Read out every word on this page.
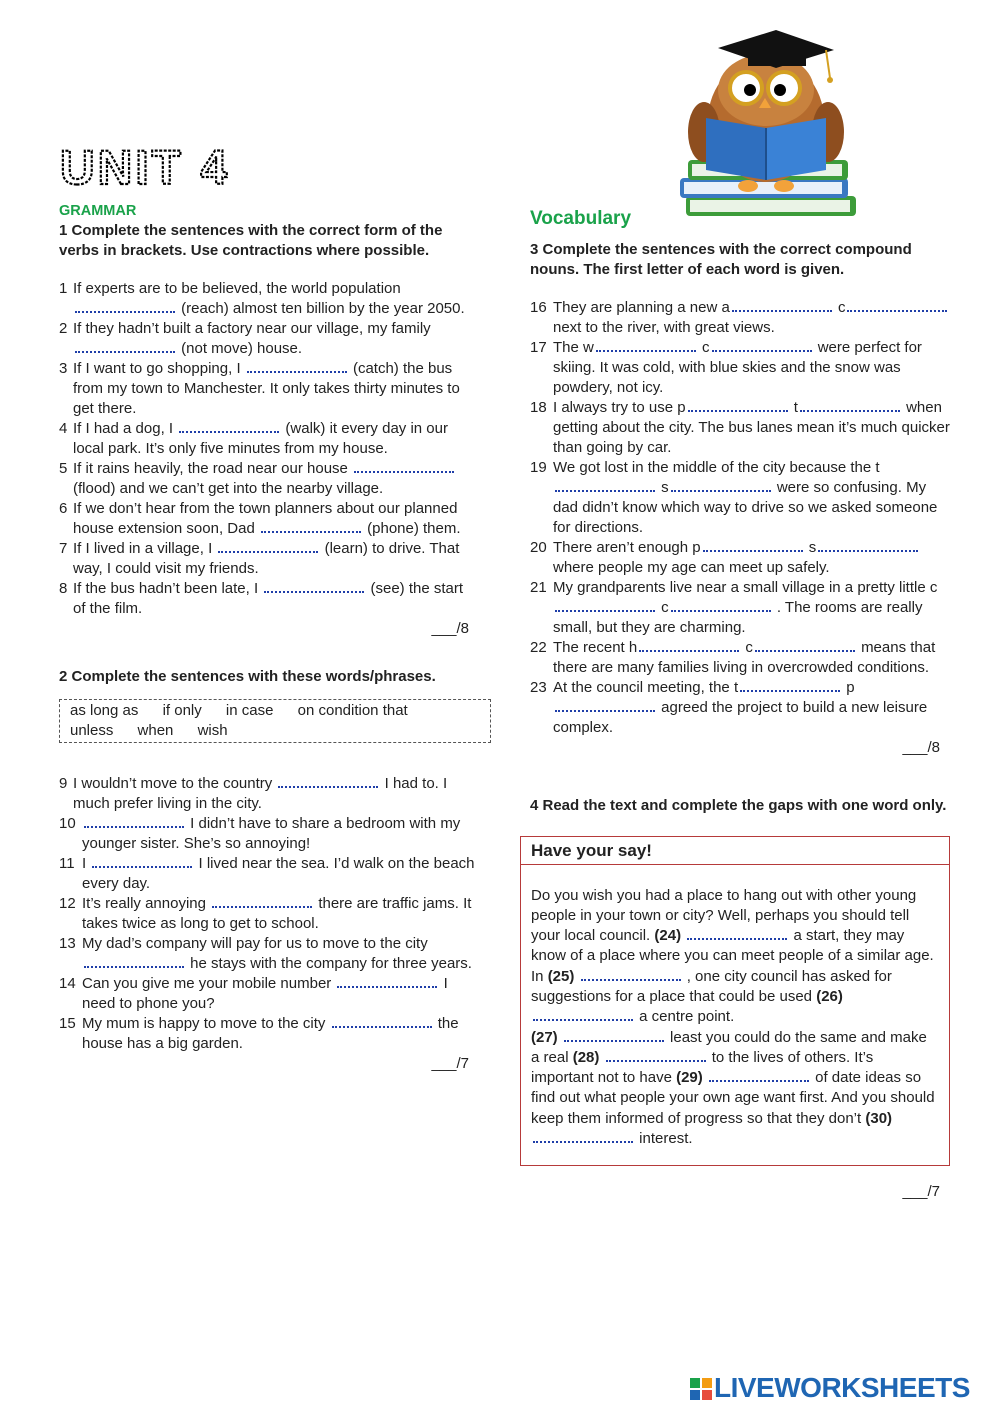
UNIT 4
GRAMMAR
1 Complete the sentences with the correct form of the verbs in brackets. Use contractions where possible.
1 If experts are to be believed, the world population  (reach) almost ten billion by the year 2050.
2 If they hadn’t built a factory near our village, my family  (not move) house.
3 If I want to go shopping, I	(catch) the bus from my town to Manchester. It only takes thirty minutes to get there.
4 If I had a dog, I	(walk) it every day in our local park. It’s only five minutes from my house.
5 If it rains heavily, the road near our house  (flood) and we can’t get into the nearby village.
6 If we don’t hear from the town planners about our planned house extension soon, Dad	(phone) them.
7 If I lived in a village, I	(learn) to drive. That way, I could visit my friends.
8 If the bus hadn’t been late, I	(see) the start of the film.
___/8
2 Complete the sentences with these words/phrases.
as long as if only in case on condition that
unless when wish
9 I wouldn’t move to the country	I had to. I much prefer living in the city.
10	I didn’t have to share a bedroom with my younger sister. She’s so annoying!
11 I	I lived near the sea. I’d walk on the beach every day.
12 It’s really annoying	there are traffic jams. It takes twice as long to get to school.
13 My dad’s company will pay for us to move to the city  he stays with the company for three years.
14 Can you give me your mobile number	I need to phone you?
15 My mum is happy to move to the city	the house has a big garden.
___/7
Vocabulary
3 Complete the sentences with the correct compound nouns. The first letter of each word is given.
16 They are planning a new a	c next to the river, with great views.
17 The w	c	were perfect for skiing. It was cold, with blue skies and the snow was powdery, not icy.
18 I always try to use p	t	when getting about the city. The bus lanes mean it’s much quicker than going by car.
19 We got lost in the middle of the city because the t s	were so confusing. My dad didn’t know which way to drive so we asked someone for directions.
20 There aren’t enough p	s where people my age can meet up safely.
21 My grandparents live near a small village in a pretty little c c	. The rooms are really small, but they are charming.
22 The recent h	c	means that there are many families living in overcrowded conditions.
23 At the council meeting, the t	p agreed the project to build a new leisure complex.
___/8
4 Read the text and complete the gaps with one word only.
Have your say!
Do you wish you had a place to hang out with other young people in your town or city? Well, perhaps you should tell your local council. (24)	a start, they may know of a place where you can meet people of a similar age. In (25)	, one city council has asked for suggestions for a place that could be used (26)  a centre point.
(27)	least you could do the same and make a real (28)	to the lives of others. It’s important not to have (29)	of date ideas so find out what people your own age want first. And you should keep them informed of progress so that they don’t (30)  interest.
___/7
LIVEWORKSHEETS
